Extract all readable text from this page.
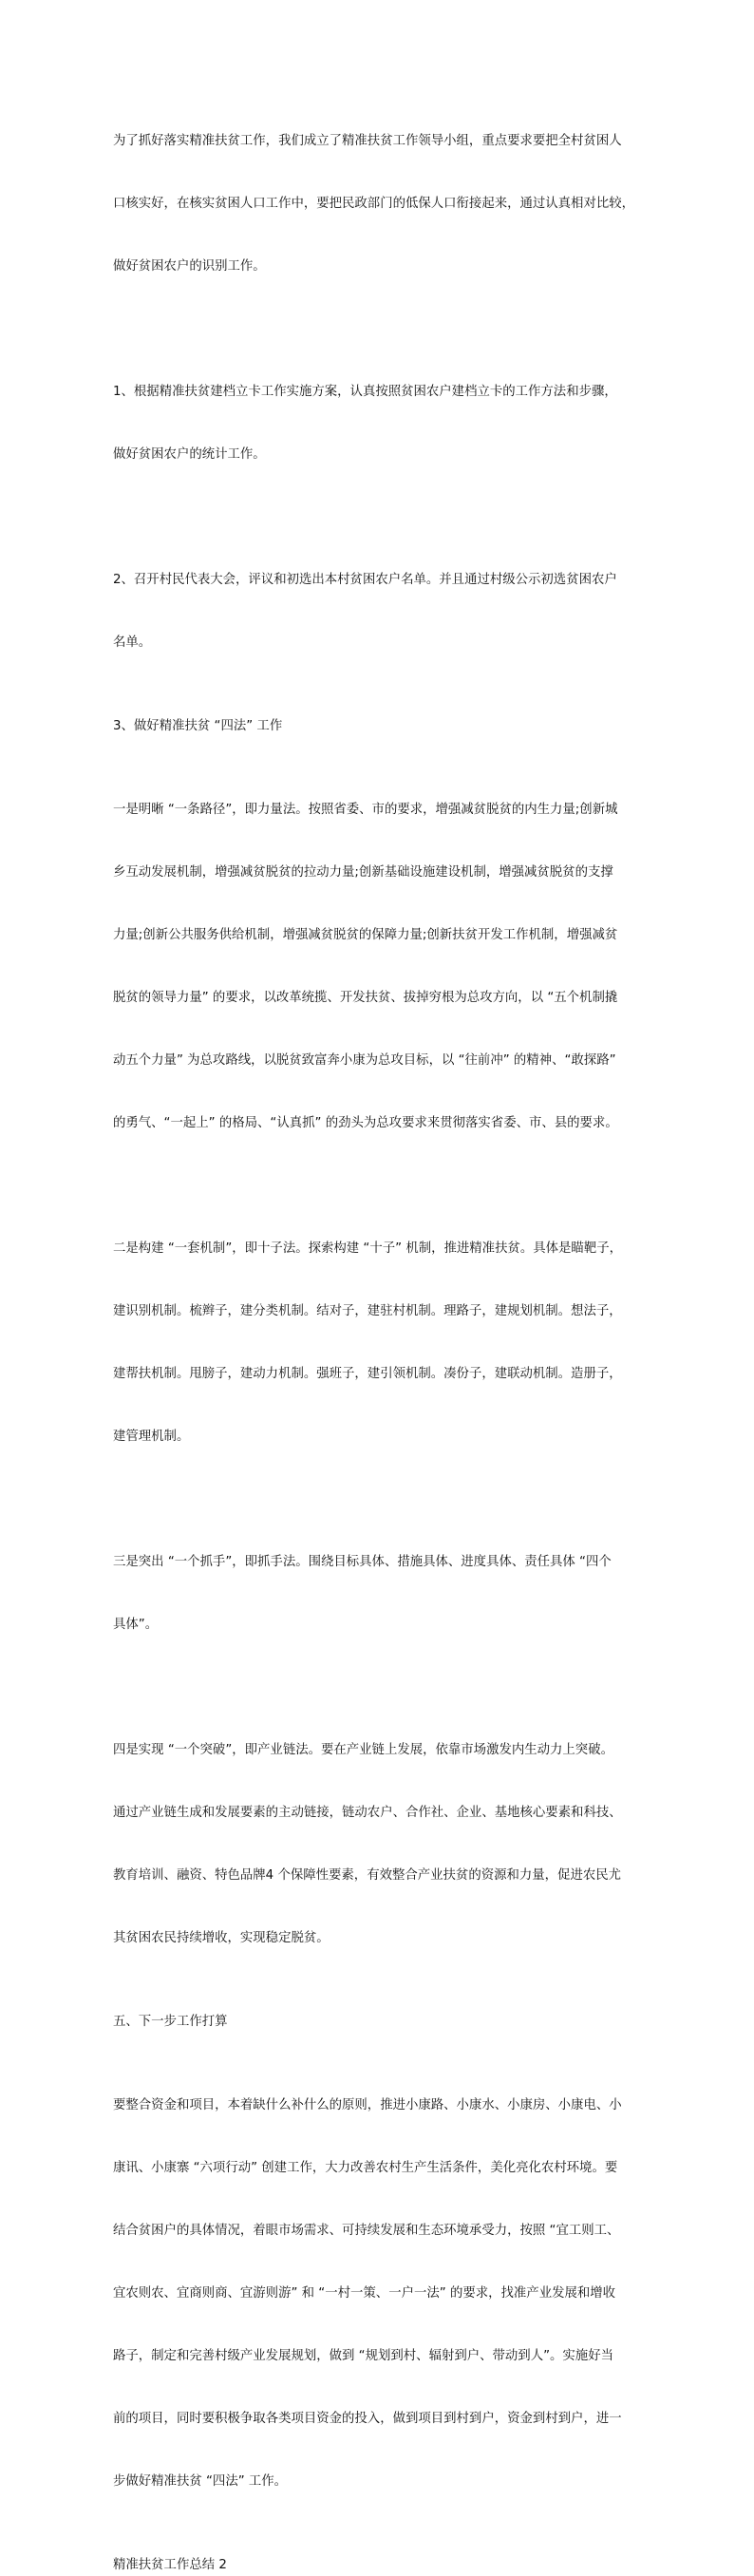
为了抓好落实精准扶贫工作，我们成立了精准扶贫工作领导小组，重点要求要把全村贫困人

口核实好，在核实贫困人口工作中，要把民政部门的低保人口衔接起来，通过认真相对比较，

做好贫困农户的识别工作。

1、根据精准扶贫建档立卡工作实施方案，认真按照贫困农户建档立卡的工作方法和步骤，

做好贫困农户的统计工作。

2、召开村民代表大会，评议和初选出本村贫困农户名单。并且通过村级公示初选贫困农户

名单。

3、做好精准扶贫 “四法” 工作

一是明晰 “一条路径”，即力量法。按照省委、市的要求，增强减贫脱贫的内生力量;创新城

乡互动发展机制，增强减贫脱贫的拉动力量;创新基础设施建设机制，增强减贫脱贫的支撑

力量;创新公共服务供给机制，增强减贫脱贫的保障力量;创新扶贫开发工作机制，增强减贫

脱贫的领导力量” 的要求，以改革统揽、开发扶贫、拔掉穷根为总攻方向，以 “五个机制撬

动五个力量” 为总攻路线，以脱贫致富奔小康为总攻目标，以 “往前冲” 的精神、“敢探路”

的勇气、“一起上” 的格局、“认真抓” 的劲头为总攻要求来贯彻落实省委、市、县的要求。

二是构建 “一套机制”，即十子法。探索构建 “十子” 机制，推进精准扶贫。具体是瞄靶子，

建识别机制。梳辫子，建分类机制。结对子，建驻村机制。理路子，建规划机制。想法子，

建帮扶机制。甩膀子，建动力机制。强班子，建引领机制。凑份子，建联动机制。造册子，

建管理机制。

三是突出 “一个抓手”，即抓手法。围绕目标具体、措施具体、进度具体、责任具体 “四个

具体”。

四是实现 “一个突破”，即产业链法。要在产业链上发展，依靠市场激发内生动力上突破。

通过产业链生成和发展要素的主动链接，链动农户、合作社、企业、基地核心要素和科技、

教育培训、融资、特色品牌4 个保障性要素，有效整合产业扶贫的资源和力量，促进农民尤

其贫困农民持续增收，实现稳定脱贫。

五、下一步工作打算

要整合资金和项目，本着缺什么补什么的原则，推进小康路、小康水、小康房、小康电、小

康讯、小康寨 “六项行动” 创建工作，大力改善农村生产生活条件，美化亮化农村环境。要

结合贫困户的具体情况，着眼市场需求、可持续发展和生态环境承受力，按照 “宜工则工、

宜农则农、宜商则商、宜游则游” 和 “一村一策、一户一法” 的要求，找准产业发展和增收

路子，制定和完善村级产业发展规划，做到 “规划到村、辐射到户、带动到人”。实施好当

前的项目，同时要积极争取各类项目资金的投入，做到项目到村到户，资金到村到户，进一

步做好精准扶贫 “四法” 工作。

精准扶贫工作总结 2
